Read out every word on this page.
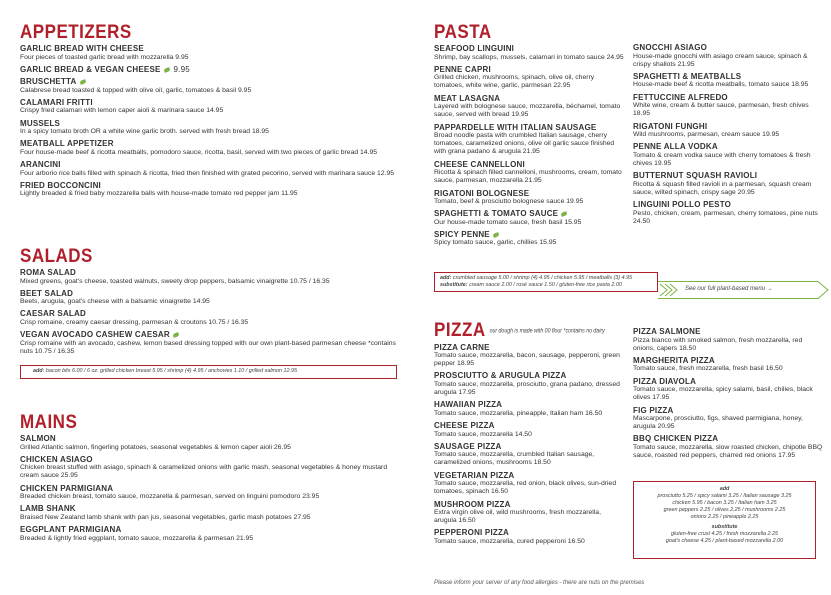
APPETIZERS
GARLIC BREAD WITH CHEESE
Four pieces of toasted garlic bread with mozzarella 9.95
GARLIC BREAD & VEGAN CHEESE 9.95
BRUSCHETTA
Calabrese bread toasted & topped with olive oil, garlic, tomatoes & basil 9.95
CALAMARI FRITTI
Crispy fried calamari with lemon caper aioli & marinara sauce 14.95
MUSSELS
In a spicy tomato broth OR a white wine garlic broth. served with fresh bread 18.95
MEATBALL APPETIZER
Four house-made beef & ricotta meatballs, pomodoro sauce, ricotta, basil, served with two pieces of garlic bread 14.95
ARANCINI
Four arborio rice balls filled with spinach & ricotta, fried then finished with grated pecorino, served with marinara sauce 12.95
FRIED BOCCONCINI
Lightly breaded & fried baby mozzarella balls with house-made tomato red pepper jam 11.95
SALADS
ROMA SALAD
Mixed greens, goat's cheese, toasted walnuts, sweety drop peppers, balsamic vinaigrette 10.75 / 16.35
BEET SALAD
Beets, arugula, goat's cheese with a balsamic vinaigrette 14.95
CAESAR SALAD
Crisp romaine, creamy caesar dressing, parmesan & croutons 10.75 / 16.35
VEGAN AVOCADO CASHEW CAESAR
Crisp romaine with an avocado, cashew, lemon based dressing topped with our own plant-based parmesan cheese *contains nuts 10.75 / 16.35
add: bacon bits 6.00 / 6 oz. grilled chicken breast 5.95 / shrimp (4) 4.95 / anchovies 1.10 / grilled salmon 12.95
MAINS
SALMON
Grilled Atlantic salmon, fingerling potatoes, seasonal vegetables & lemon caper aioli 26.95
CHICKEN ASIAGO
Chicken breast stuffed with asiago, spinach & caramelized onions with garlic mash, seasonal vegetables & honey mustard cream sauce 25.95
CHICKEN PARMIGIANA
Breaded chicken breast, tomato sauce, mozzarella & parmesan, served on linguini pomodoro 23.95
LAMB SHANK
Braised New Zealand lamb shank with pan jus, seasonal vegetables, garlic mash potatoes 27.95
EGGPLANT PARMIGIANA
Breaded & lightly fried eggplant, tomato sauce, mozzarella & parmesan 21.95
PASTA
SEAFOOD LINGUINI
Shrimp, bay scallops, mussels, calamari in tomato sauce 24.95
PENNE CAPRI
Grilled chicken, mushrooms, spinach, olive oil, cherry tomatoes, white wine, garlic, parmesan 22.95
MEAT LASAGNA
Layered with bolognese sauce, mozzarella, béchamel, tomato sauce, served with bread 19.95
PAPPARDELLE WITH ITALIAN SAUSAGE
Broad noodle pasta with crumbled Italian sausage, cherry tomatoes, caramelized onions, olive oil garlic sauce finished with grana padano & arugula 21.95
CHEESE CANNELLONI
Ricotta & spinach filled cannelloni, mushrooms, cream, tomato sauce, parmesan, mozzarella 21.95
RIGATONI BOLOGNESE
Tomato, beef & prosciutto bolognese sauce 19.95
SPAGHETTI & TOMATO SAUCE
Our house-made tomato sauce, fresh basil 15.95
SPICY PENNE
Spicy tomato sauce, garlic, chillies 15.95
GNOCCHI ASIAGO
House-made gnocchi with asiago cream sauce, spinach & crispy shallots 21.95
SPAGHETTI & MEATBALLS
House-made beef & ricotta meatballs, tomato sauce 18.95
FETTUCCINE ALFREDO
White wine, cream & butter sauce, parmesan, fresh chives 18.95
RIGATONI FUNGHI
Wild mushrooms, parmesan, cream sauce 19.95
PENNE ALLA VODKA
Tomato & cream vodka sauce with cherry tomatoes & fresh chives 19.95
BUTTERNUT SQUASH RAVIOLI
Ricotta & squash filled ravioli in a parmesan, squash cream sauce, wilted spinach, crispy sage 20.95
LINGUINI POLLO PESTO
Pesto, chicken, cream, parmesan, cherry tomatoes, pine nuts 24.50
add: crumbled sausage 5.00 / shrimp (4) 4.95 / chicken 5.95 / meatballs (3) 4.95
substitute: cream sauce 2.00 / rosé sauce 1.50 / gluten-free rice pasta 2.00
See our full plant-based menu →
PIZZA our dough is made with 00 flour *contains no dairy
PIZZA CARNE
Tomato sauce, mozzarella, bacon, sausage, pepperoni, green pepper 18.95
PROSCIUTTO & ARUGULA PIZZA
Tomato sauce, mozzarella, prosciutto, grana padano, dressed arugula 17.95
HAWAIIAN PIZZA
Tomato sauce, mozzarella, pineapple, Italian ham 16.50
CHEESE PIZZA
Tomato sauce, mozzarella 14.50
SAUSAGE PIZZA
Tomato sauce, mozzarella, crumbled Italian sausage, caramelized onions, mushrooms 18.50
VEGETARIAN PIZZA
Tomato sauce, mozzarella, red onion, black olives, sun-dried tomatoes, spinach 16.50
MUSHROOM PIZZA
Extra virgin olive oil, wild mushrooms, fresh mozzarella, arugula 16.50
PEPPERONI PIZZA
Tomato sauce, mozzarella, cured pepperoni 16.50
PIZZA SALMONE
Pizza bianco with smoked salmon, fresh mozzarella, red onions, capers 18.50
MARGHERITA PIZZA
Tomato sauce, fresh mozzarella, fresh basil 16.50
PIZZA DIAVOLA
Tomato sauce, mozzarella, spicy salami, basil, chilies, black olives 17.95
FIG PIZZA
Mascarpone, prosciutto, figs, shaved parmigiana, honey, arugula 20.95
BBQ CHICKEN PIZZA
Tomato sauce, mozzarella, slow roasted chicken, chipotle BBQ sauce, roasted red peppers, charred red onions 17.95
add
prosciutto 5.25 / spicy salami 3.25 / Italian sausage 3.25
chicken 5.95 / bacon 3.25 / Italian ham 3.25
green peppers 2.25 / olives 2.25 / mushrooms 2.25
onions 2.25 / pineapple 2.25
substitute
gluten-free crust 4.25 / fresh mozzarella 2.25
goat's cheese 4.25 / plant-based mozzarella 2.00
Please inform your server of any food allergies - there are nuts on the premises
